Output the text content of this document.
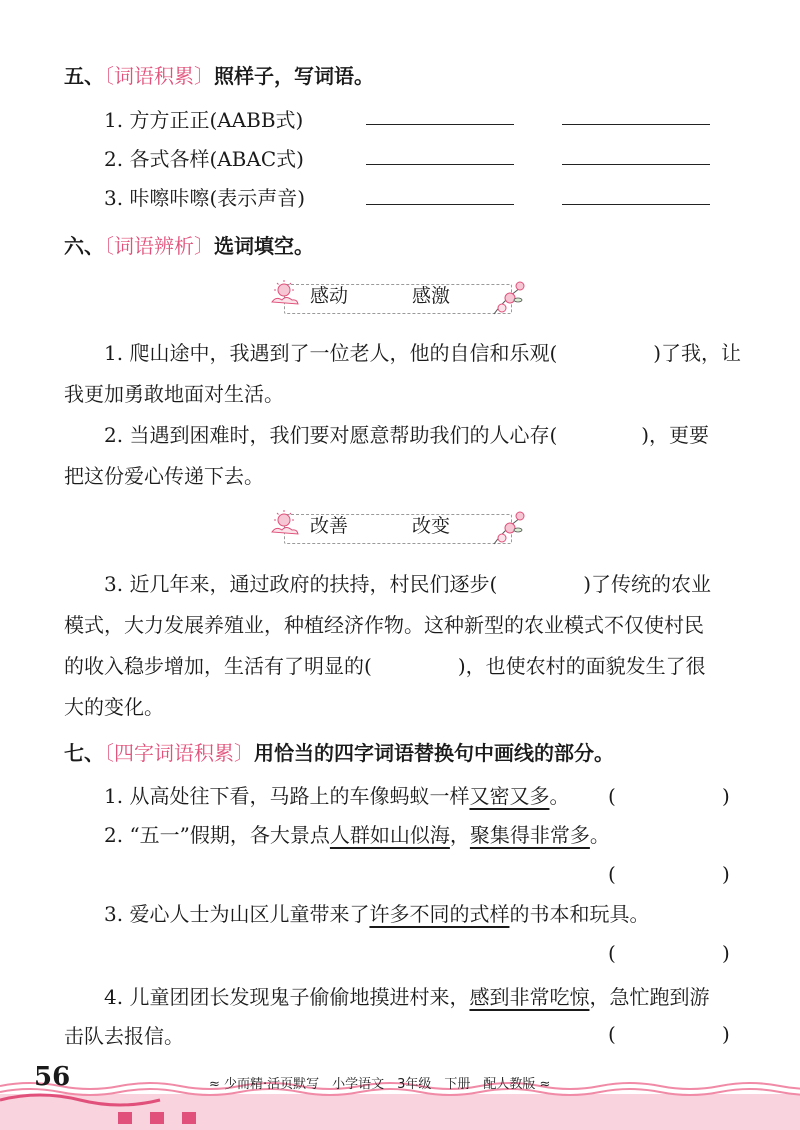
五、〔词语积累〕照样子，写词语。
1. 方方正正(AABB式)
2. 各式各样(ABAC式)
3. 咔嚓咔嚓(表示声音)
六、〔词语辨析〕选词填空。
感动	感激
1. 爬山途中，我遇到了一位老人，他的自信和乐观(	)了我，让
我更加勇敢地面对生活。
2. 当遇到困难时，我们要对愿意帮助我们的人心存(	)，更要
把这份爱心传递下去。
改善	改变
3. 近几年来，通过政府的扶持，村民们逐步(	)了传统的农业
模式，大力发展养殖业，种植经济作物。这种新型的农业模式不仅使村民
的收入稳步增加，生活有了明显的(	)，也使农村的面貌发生了很
大的变化。
七、〔四字词语积累〕用恰当的四字词语替换句中画线的部分。
1. 从高处往下看，马路上的车像蚂蚁一样又密又多。 (	)
2. “五一”假期，各大景点人群如山似海，聚集得非常多。
(	)
3. 爱心人士为山区儿童带来了许多不同的式样的书本和玩具。
(	)
4. 儿童团团长发现鬼子偷偷地摸进村来，感到非常吃惊，急忙跑到游
击队去报信。	(	)
56	≈ 少而精·活页默写　小学语文　3年级　下册　配人教版 ≈
